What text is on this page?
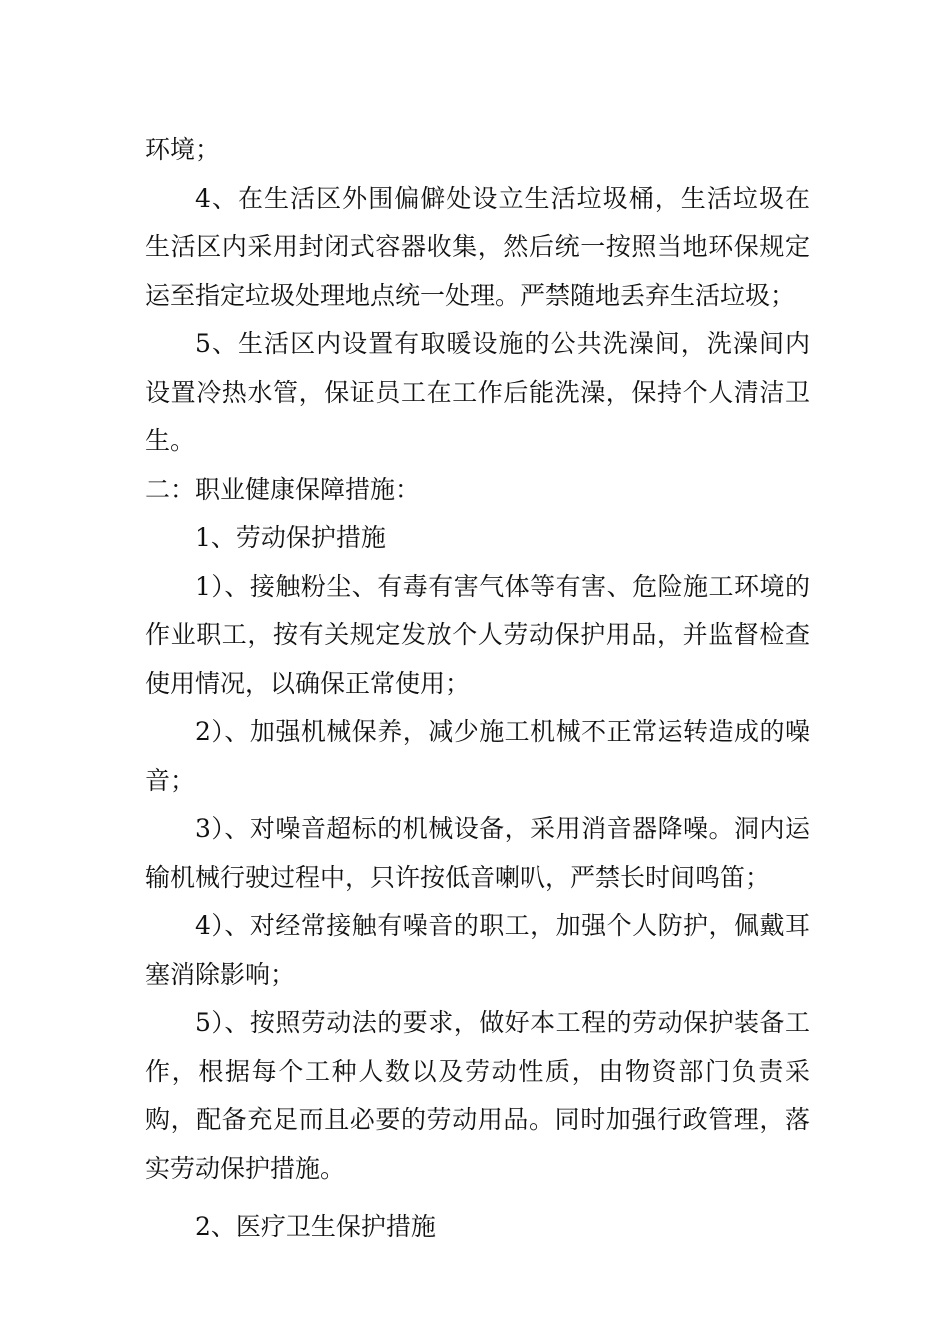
环境；

4、在生活区外围偏僻处设立生活垃圾桶，生活垃圾在生活区内采用封闭式容器收集，然后统一按照当地环保规定运至指定垃圾处理地点统一处理。严禁随地丢弃生活垃圾；

5、生活区内设置有取暖设施的公共洗澡间，洗澡间内设置冷热水管，保证员工在工作后能洗澡，保持个人清洁卫生。

二：职业健康保障措施：

1、劳动保护措施

1）、接触粉尘、有毒有害气体等有害、危险施工环境的作业职工，按有关规定发放个人劳动保护用品，并监督检查使用情况，以确保正常使用；

2）、加强机械保养，减少施工机械不正常运转造成的噪音；

3）、对噪音超标的机械设备，采用消音器降噪。洞内运输机械行驶过程中，只许按低音喇叭，严禁长时间鸣笛；

4）、对经常接触有噪音的职工，加强个人防护，佩戴耳塞消除影响；

5）、按照劳动法的要求，做好本工程的劳动保护装备工作，根据每个工种人数以及劳动性质，由物资部门负责采购，配备充足而且必要的劳动用品。同时加强行政管理，落实劳动保护措施。

2、医疗卫生保护措施
